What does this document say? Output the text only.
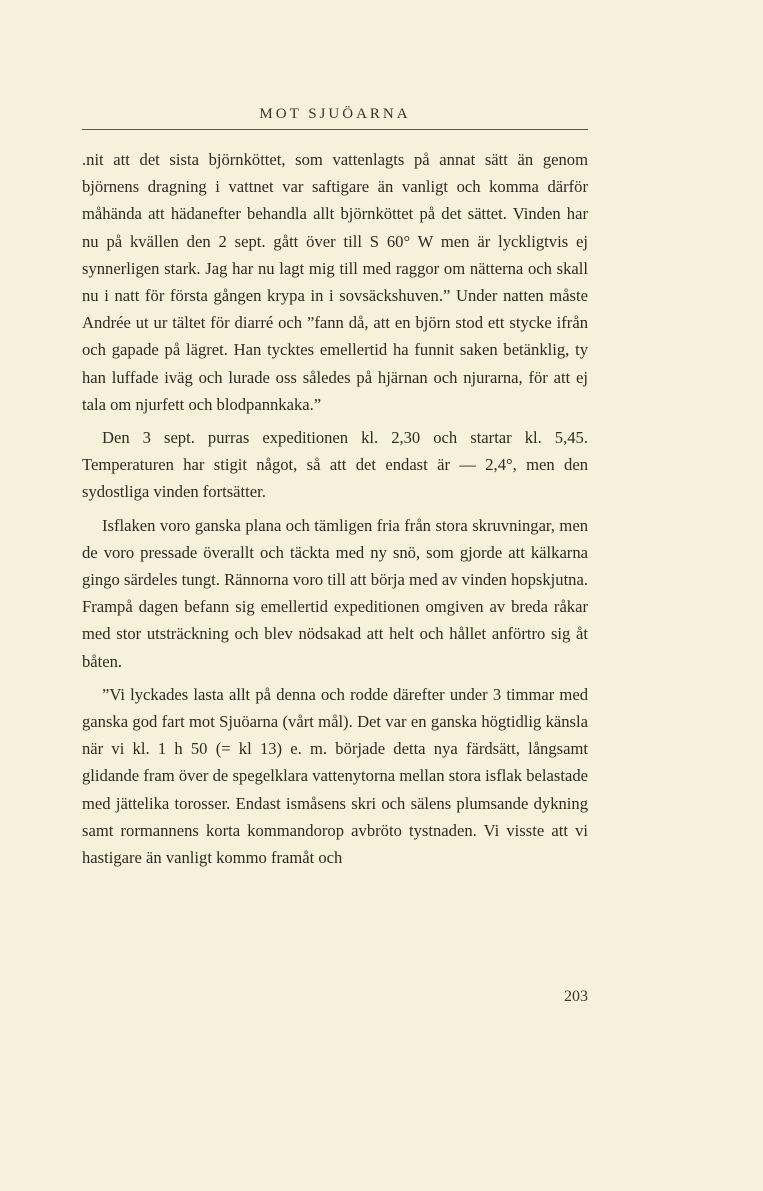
MOT SJUÖARNA

.nit att det sista björnköttet, som vattenlagts på annat sätt än genom björnens dragning i vattnet var saftigare än vanligt och komma därför måhända att hädanefter behandla allt björnköttet på det sättet. Vinden har nu på kvällen den 2 sept. gått över till S 60° W men är lyckligtvis ej synnerligen stark. Jag har nu lagt mig till med raggor om nätterna och skall nu i natt för första gången krypa in i sovsäckshuven.” Under natten måste Andrée ut ur tältet för diarré och ”fann då, att en björn stod ett stycke ifrån och gapade på lägret. Han tycktes emellertid ha funnit saken betänklig, ty han luffade iväg och lurade oss således på hjärnan och njurarna, för att ej tala om njurfett och blodpannkaka.”

Den 3 sept. purras expeditionen kl. 2,30 och startar kl. 5,45. Temperaturen har stigit något, så att det endast är — 2,4°, men den sydostliga vinden fortsätter.

Isflaken voro ganska plana och tämligen fria från stora skruvningar, men de voro pressade överallt och täckta med ny snö, som gjorde att kälkarna gingo särdeles tungt. Rännorna voro till att börja med av vinden hopskjutna. Frampå dagen befann sig emellertid expeditionen omgiven av breda råkar med stor utsträckning och blev nödsakad att helt och hållet anförtro sig åt båten.

”Vi lyckades lasta allt på denna och rodde därefter under 3 timmar med ganska god fart mot Sjuöarna (vårt mål). Det var en ganska högtidlig känsla när vi kl. 1 h 50 (= kl 13) e. m. började detta nya färdsätt, långsamt glidande fram över de spegelklara vattenytorna mellan stora isflak belastade med jättelika torosser. Endast ismåsens skri och sälens plumsande dykning samt rormannens korta kommandorop avbröto tystnaden. Vi visste att vi hastigare än vanligt kommo framåt och

203
